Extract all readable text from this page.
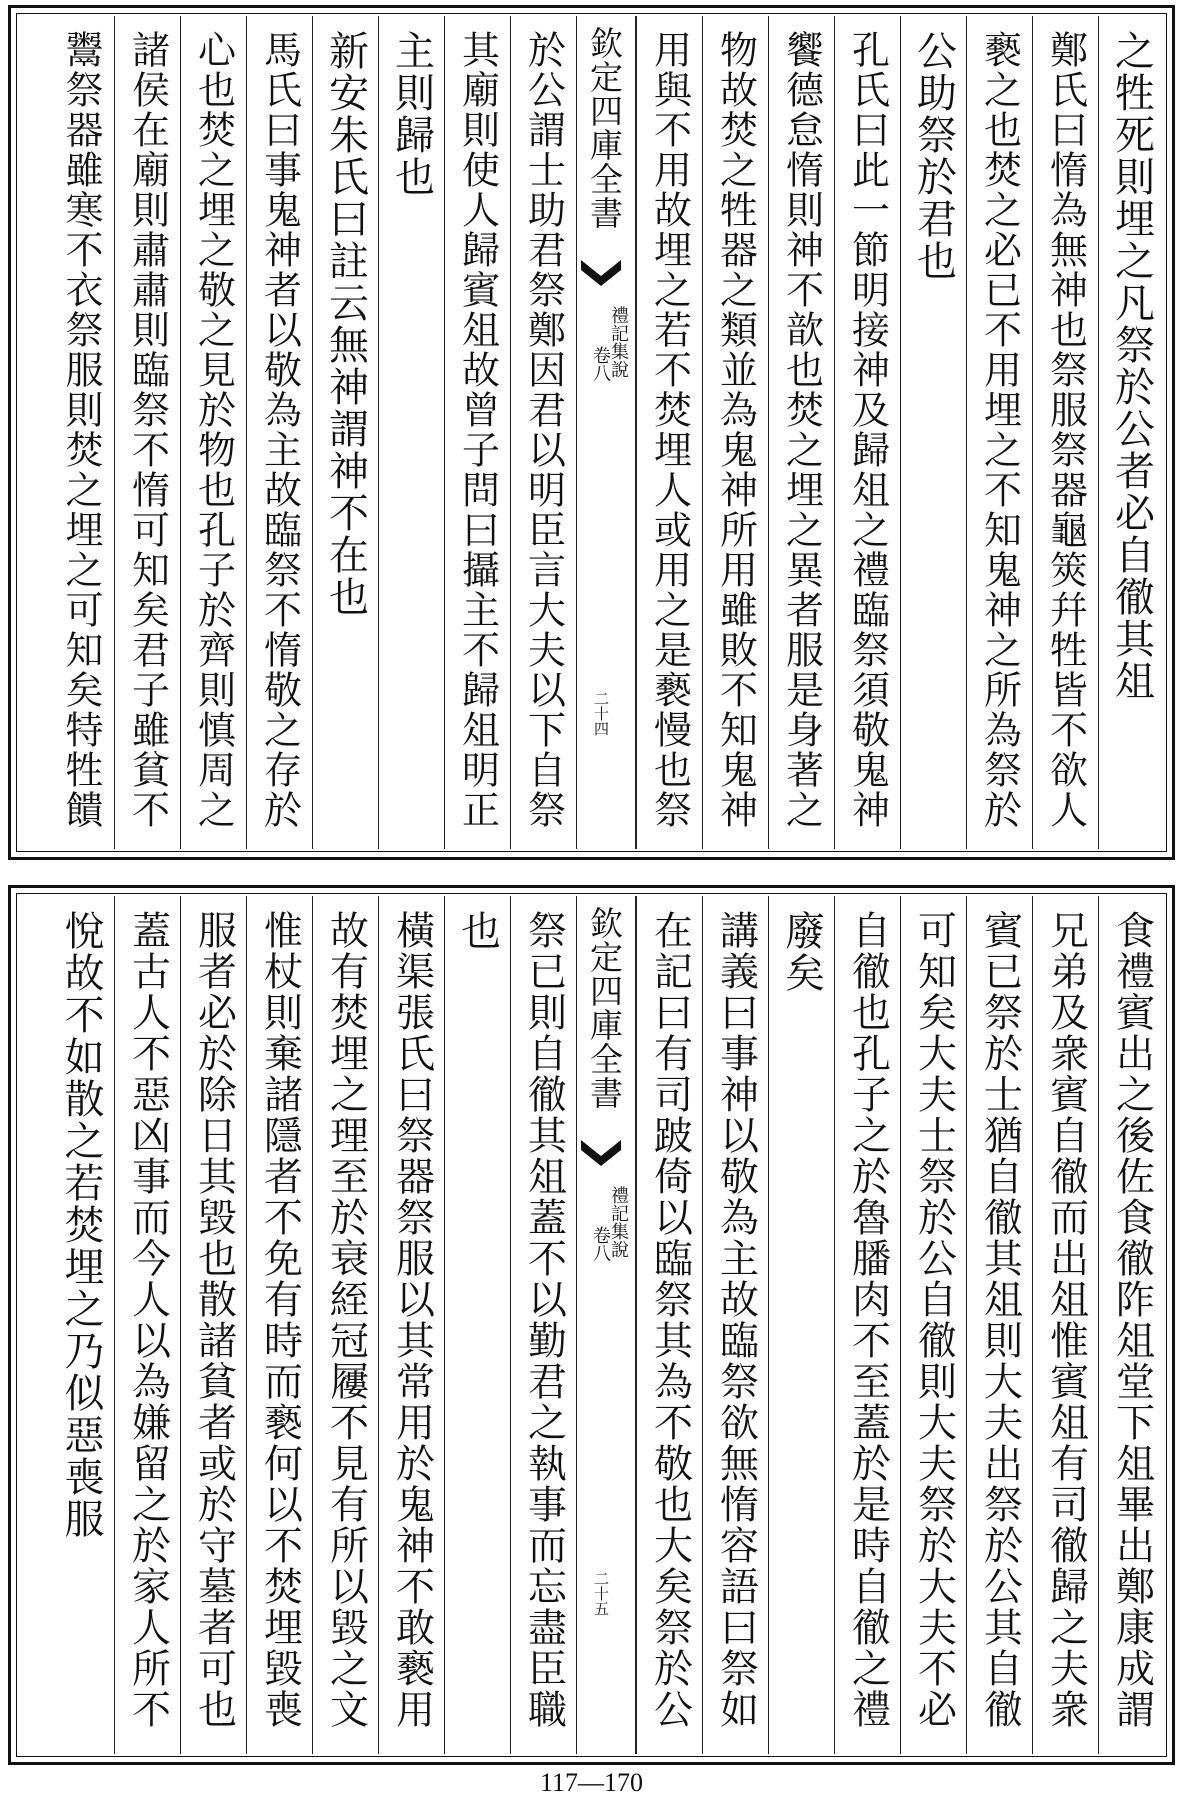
之牲死則埋之凡祭於公者必自徹其俎
鄭氏曰惰為無神也祭服祭器龜筴幷牲皆不欲人
褻之也焚之必已不用埋之不知鬼神之所為祭於
公助祭於君也
孔氏曰此一節明接神及歸俎之禮臨祭須敬鬼神
饗德怠惰則神不歆也焚之埋之異者服是身著之
物故焚之牲器之類並為鬼神所用雖敗不知鬼神
用與不用故埋之若不焚埋人或用之是褻慢也祭
欽定四庫全書
禮記集說
卷八
二十四
於公謂士助君祭鄭因君以明臣言大夫以下自祭
其廟則使人歸賓俎故曾子問曰攝主不歸俎明正
主則歸也
新安朱氏曰註云無神謂神不在也
馬氏曰事鬼神者以敬為主故臨祭不惰敬之存於
心也焚之埋之敬之見於物也孔子於齊則慎周之
諸侯在廟則肅肅則臨祭不惰可知矣君子雖貧不
鬻祭器雖寒不衣祭服則焚之埋之可知矣特牲饋
食禮賓出之後佐食徹阼俎堂下俎畢出鄭康成謂
兄弟及衆賓自徹而出俎惟賓俎有司徹歸之夫衆
賓已祭於士猶自徹其俎則大夫出祭於公其自徹
可知矣大夫士祭於公自徹則大夫祭於大夫不必
自徹也孔子之於魯膰肉不至蓋於是時自徹之禮
廢矣
講義曰事神以敬為主故臨祭欲無惰容語曰祭如
在記曰有司跛倚以臨祭其為不敬也大矣祭於公
欽定四庫全書
禮記集說
卷八
二十五
祭已則自徹其俎蓋不以勤君之執事而忘盡臣職
也
橫渠張氏曰祭器祭服以其常用於鬼神不敢褻用
故有焚埋之理至於衰絰冠屨不見有所以毀之文
惟杖則棄諸隱者不免有時而褻何以不焚埋毀喪
服者必於除日其毀也散諸貧者或於守墓者可也
蓋古人不惡凶事而今人以為嫌留之於家人所不
悅故不如散之若焚埋之乃似惡喪服
117—170
